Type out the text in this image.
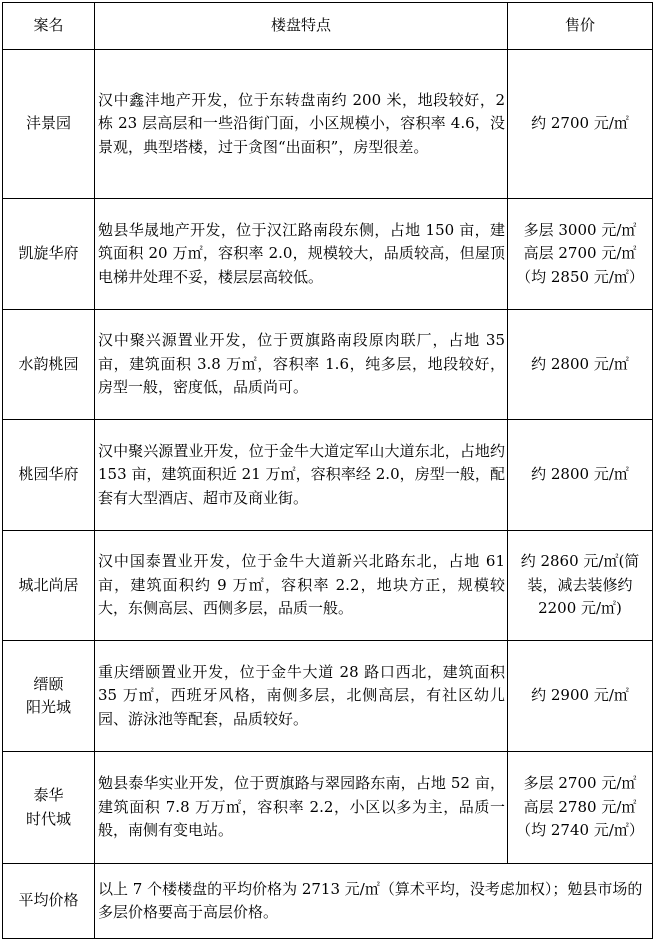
案名	楼盘特点	售价

沣景园	汉中鑫沣地产开发，位于东转盘南约 200 米，地段较好，2 栋 23 层高层和一些沿街门面，小区规模小，容积率 4.6，没景观，典型塔楼，过于贪图“出面积”，房型很差。	约 2700 元/㎡

凯旋华府	勉县华晟地产开发，位于汉江路南段东侧，占地 150 亩，建筑面积 20 万㎡，容积率 2.0，规模较大，品质较高，但屋顶电梯井处理不妥，楼层层高较低。	多层 3000 元/㎡
高层 2700 元/㎡
（均 2850 元/㎡）

水韵桃园	汉中聚兴源置业开发，位于贾旗路南段原肉联厂，占地 35 亩，建筑面积 3.8 万㎡，容积率 1.6，纯多层，地段较好，房型一般，密度低，品质尚可。	约 2800 元/㎡

桃园华府	汉中聚兴源置业开发，位于金牛大道定军山大道东北，占地约 153 亩，建筑面积近 21 万㎡，容积率经 2.0，房型一般，配套有大型酒店、超市及商业街。	约 2800 元/㎡

城北尚居	汉中国泰置业开发，位于金牛大道新兴北路东北，占地 61 亩，建筑面积约 9 万㎡，容积率 2.2，地块方正，规模较大，东侧高层、西侧多层，品质一般。	约 2860 元/㎡(简
装，减去装修约
2200 元/㎡)

缙颐
阳光城	重庆缙颐置业开发，位于金牛大道 28 路口西北，建筑面积 35 万㎡，西班牙风格，南侧多层，北侧高层，有社区幼儿园、游泳池等配套，品质较好。	约 2900 元/㎡

泰华
时代城	勉县泰华实业开发，位于贾旗路与翠园路东南，占地 52 亩，建筑面积 7.8 万万㎡，容积率 2.2，小区以多为主，品质一般，南侧有变电站。	多层 2700 元/㎡
高层 2780 元/㎡
（均 2740 元/㎡）

平均价格	以上 7 个楼楼盘的平均价格为 2713 元/㎡（算术平均，没考虑加权）；勉县市场的多层价格要高于高层价格。	
